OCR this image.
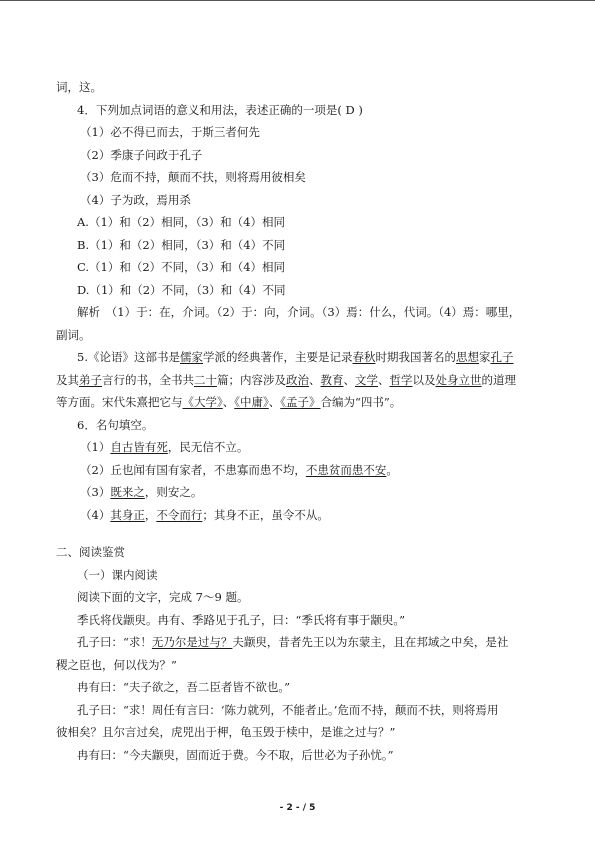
词，这。
4．下列加点词语的意义和用法，表述正确的一项是( D )
（1）必不得已而去，于斯三者何先
（2）季康子问政于孔子
（3）危而不持，颠而不扶，则将焉用彼相矣
（4）子为政，焉用杀
A.（1）和（2）相同，（3）和（4）相同
B.（1）和（2）相同，（3）和（4）不同
C.（1）和（2）不同，（3）和（4）相同
D.（1）和（2）不同，（3）和（4）不同
解析　（1）于：在，介词。（2）于：向，介词。（3）焉：什么，代词。（4）焉：哪里，
副词。
5.《论语》这部书是儒家学派的经典著作，主要是记录春秋时期我国著名的思想家孔子
及其弟子言行的书，全书共二十篇；内容涉及政治、教育、文学、哲学以及处身立世的道理
等方面。宋代朱熹把它与《大学》、《中庸》、《孟子》合编为“四书”。
6．名句填空。
（1）自古皆有死，民无信不立。
（2）丘也闻有国有家者，不患寡而患不均，不患贫而患不安。
（3）既来之，则安之。
（4）其身正，不令而行；其身不正，虽令不从。
二、阅读鉴赏
（一）课内阅读
阅读下面的文字，完成 7～9 题。
季氏将伐颛臾。冉有、季路见于孔子，曰：“季氏将有事于颛臾。”
孔子曰：“求！无乃尔是过与？夫颛臾，昔者先王以为东蒙主，且在邦域之中矣，是社
稷之臣也，何以伐为？”
冉有曰：“夫子欲之，吾二臣者皆不欲也。”
孔子曰：“求！周任有言曰：‘陈力就列，不能者止。’危而不持，颠而不扶，则将焉用
彼相矣？且尔言过矣，虎兕出于柙，龟玉毁于椟中，是谁之过与？”
冉有曰：“今夫颛臾，固而近于费。今不取，后世必为子孙忧。”
- 2 - / 5
